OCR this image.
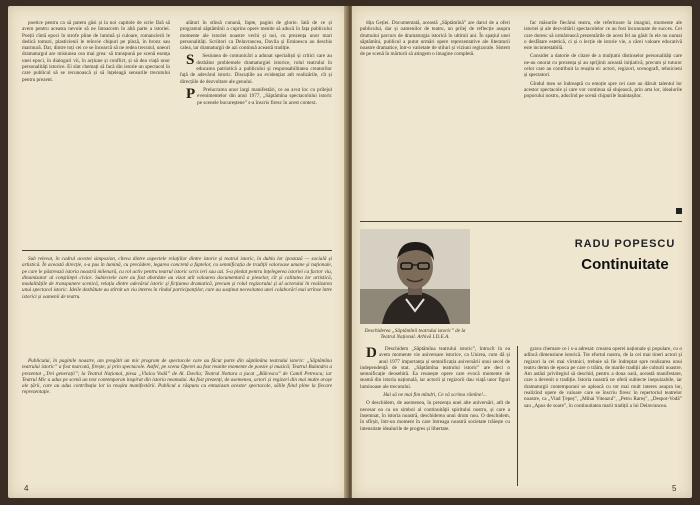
poetice pentru ca să putem găsi și la noi capitole de scrie fără să avem pentru aceasta nevoie să ne întoarcem în altă parte a istoriei. Poeții cîntă epoci în strofe pline de lumină și culoare, romancierii le dedică tomuri, plasticienii le reînvie chipuri pe pînză, în bronz sau marmură. Dar, dintre toți cei ce se încearcă să ne redea trecutul, uneori dramaturgul are misiunea cea mai grea: să transpună pe scenă esența unei epoci, în dialoguri vii, în acțiune și conflict, și să dea viață unor personalități istorice. Ei sînt chemați să facă din istorie un spectacol în care publicul să se recunoască și să înțeleagă sensurile trecutului pentru prezent.

alături în stînsă cunună, fapte, pagini de glorie. Iată de ce și programul săptămînii a cuprins opere menite să aducă în fața publicului momente ale istoriei noastre vechi și noi, cu prezența unor mari personalități. Scriitori ca Delavrancea, Davila și Eminescu au deschis calea, iar dramaturgii de azi continuă această tradiție.

S Sesiunea de comunicări a adunat specialiști și critici care au dezbătut problemele dramaturgiei istorice, rolul teatrului în educarea patriotică a publicului și responsabilitatea creatorilor față de adevărul istoric. Discuțiile au evidențiat atît realizările, cît și direcțiile de dezvoltare ale genului.

P Prelucrarea unor largi manifestări, ce au avut loc cu prilejul evenimentelor din anul 1977, „Săptămîna spectacolului istoric pe scenele bucureștene” s-a înscris firesc în acest context.

Sub relevat, în cadrul acestei simpozion, cîteva dintre aspectele relațiilor dintre istorie și teatrul istoric, în dubla lor ipostază — socială și artistică. În această direcție, s-a pus în lumină, cu precădere, legarea concretă a faptelor, cu semnificația de tradiții valoroase umane și naționale, pe care le păstrează istoria noastră milenară, cu rol activ pentru teatrul istoric scris ieri sau azi. S-a pledat pentru înțelegerea istoriei ca factor viu, dinamizator al conștiinței civice. Subiectele care au fost abordate au vizat atît valoarea documentară a pieselor, cît și calitatea lor artistică, modalitățile de transpunere scenică, relația dintre adevărul istoric și ficțiunea dramatică, precum și rolul regizorului și al actorului în realizarea unui spectacol istoric. Ideile dezbătute au stîrnit un viu interes în rîndul participanților, care au susținut necesitatea unei colaborări mai strînse între istorici și oamenii de teatru.

Publicului, în paginile noastre, am pregătit un mic program de spectacole care au făcut parte din săptămîna teatrului istoric: „Săptămîna teatrului istoric” a fost marcată, firește, și prin spectacole. Astfel, pe scena Operei au fost reunite momente de poezie și muzică; Teatrul Bulandra a prezentat „Trei generații”; la Teatrul Național, piesa „Vlaicu Vodă” de Al. Davila; Teatrul Nottara a jucat „Bălcescu” de Camil Petrescu; iar Teatrul Mic a adus pe scenă un text contemporan inspirat din istoria neamului. Au fost prezenți, de asemenea, actori și regizori din mai multe orașe ale țării, care au adus contribuția lor la reușita manifestării. Publicul a răspuns cu entuziasm acestor spectacole, sălile fiind pline la fiecare reprezentație.

4

dița Geției. Documentată, această „Săptămînă” are darul de a oferi publicului, dar și oamenilor de teatru, un prilej de reflecție asupra drumului parcurs de dramaturgia istorică în ultimii ani. În spațiul unei săptămîni, publicul a putut urmări opere reprezentative ale literaturii noastre dramatice, într-o varietate de stiluri și viziuni regizorale. Sistem de pe scenă în mărturii să atingem o imagine completă.

fac măsurile fiecărui teatru, ele referitoare la imagini, momente ale istoriei și ale dezvoltării spectacolelor ce au fost încununate de succes. Cei care doresc să urmărească prezentările de acest fel au găsit în ele nu numai o desfătare estetică, ci și o lecție de istorie vie, a cărei valoare educativă este incontestabilă.

Consider a datorie de citare de a mulțumi distinselor personalități care ne-au onorat cu prezența și au sprijinit această inițiativă, precum și tuturor celor care au contribuit la reușita ei: actori, regizori, scenografi, tehnicieni și spectatori.

Gîndul meu se îndreaptă cu emoție spre cei care au dăruit talentul lor acestor spectacole și care vor continua să slujească, prin arta lor, idealurile poporului nostru, aducînd pe scenă chipurile înaintașilor.

Deschiderea „Săptămînii teatrului istoric” de la Teatrul Național. Arhivă I.D.E.A.
RADU POPESCU
Continuitate

D Deschidem „Săptămîna teatrului istoric”, întrucît în ea avem momente vie aniversare istorice, ca Unirea, cum dă și anul 1977 importanța și semnificația aniversării unui secol de independență de stat. „Săptămîna teatrului istoric” are deci o semnificație deosebită. Ea reunește opere care evocă momente de seamă din istoria națională, iar actorii și regizorii dau viață unor figuri luminoase ale trecutului.

Hai să ne mai fim mîndri, Ce vă scrima rămîne!...

O deschidem, de asemenea, în prezența unei alte aniversări, atît de necesar ea ca un simbol al continuității spiritului nostru, și care a însemnat, în istoria noastră, deschiderea unui drum nou. O deschidem, în sfîrșit, într-un moment în care întreaga noastră societate trăiește cu intensitate idealurile de progres și libertate.

grava chemare ce i s-a adresat: crearea operei naționale și populare, cu o adîncă dimensiune istorică. Tot efortul nostru, de la cei mai tineri actori și regizori la cei mai vîrstnici, trebuie să fie îndreptat spre realizarea unui teatru demn de epoca pe care o trăim, de marile tradiții ale culturii noastre. Am astăzi privilegiul să deschid, pentru a doua oară, această manifestare, care a devenit o tradiție. Istoria noastră ne oferă subiecte inepuizabile, iar dramaturgii contemporani se apleacă cu tot mai mult interes asupra lor, realizînd opere de valoare care se înscriu firesc în repertoriul teatrelor noastre, ca „Vlad Țepeș”, „Mihai Viteazul”, „Petru Rareș”, „Despot-Vodă” sau „Apus de soare”, în continuitatea marii tradiții a lui Delavrancea.

5
